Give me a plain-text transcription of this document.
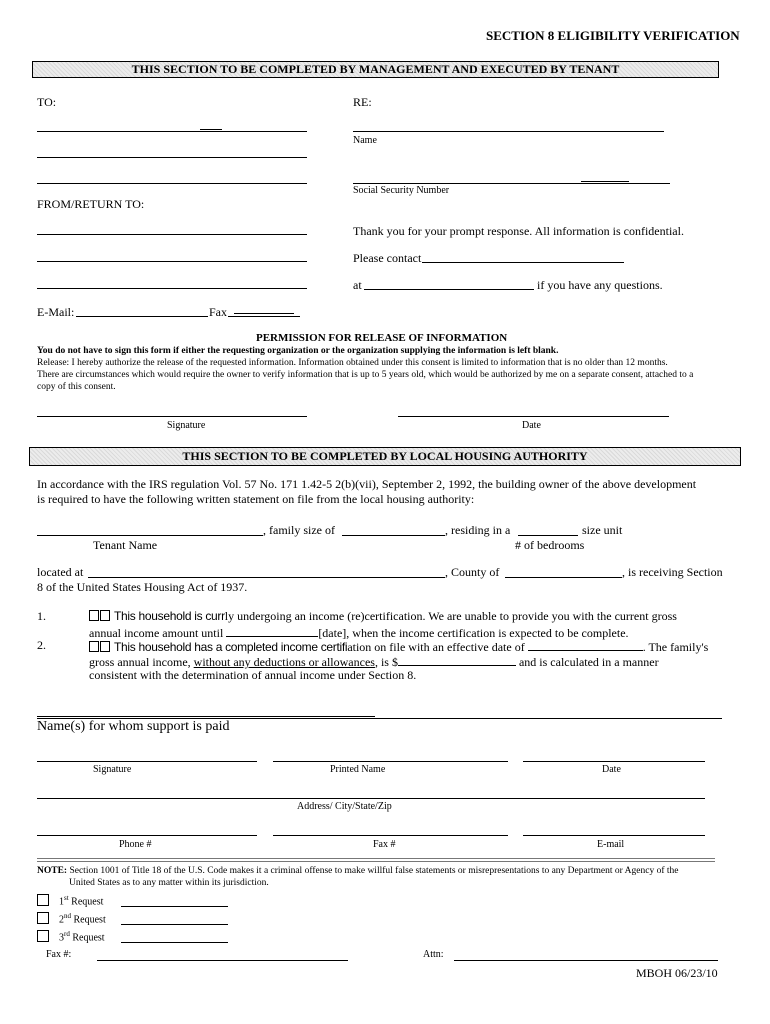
SECTION 8 ELIGIBILITY VERIFICATION
THIS SECTION TO BE COMPLETED BY MANAGEMENT AND EXECUTED BY TENANT
TO:	RE:
Name
Social Security Number
FROM/RETURN TO:
Thank you for your prompt response. All information is confidential.
Please contact
at	if you have any questions.
E-Mail:	Fax
PERMISSION FOR RELEASE OF INFORMATION
You do not have to sign this form if either the requesting organization or the organization supplying the information is left blank.
Release: I hereby authorize the release of the requested information. Information obtained under this consent is limited to information that is no older than 12 months.
There are circumstances which would require the owner to verify information that is up to 5 years old, which would be authorized by me on a separate consent, attached to a
copy of this consent.
Signature	Date
THIS SECTION TO BE COMPLETED BY LOCAL HOUSING AUTHORITY
In accordance with the IRS regulation Vol. 57 No. 171 1.42-5 2(b)(vii), September 2, 1992, the building owner of the above development
is required to have the following written statement on file from the local housing authority:
, family size of	, residing in a	size unit
Tenant Name	# of bedrooms
located at	, County of	, is receiving Section
8 of the United States Housing Act of 1937.
1.	This household is currly undergoing an income (re)certification. We are unable to provide you with the current gross
annual income amount until	[date], when the income certification is expected to be complete.
2.	This household has a completed income certifiation on file with an effective date of	. The family's
gross annual income, without any deductions or allowances, is $	and is calculated in a manner
consistent with the determination of annual income under Section 8.
Name(s) for whom support is paid
Signature	Printed Name	Date
Address/ City/State/Zip
Phone #	Fax #	E-mail
NOTE: Section 1001 of Title 18 of the U.S. Code makes it a criminal offense to make willful false statements or misrepresentations to any Department or Agency of the
United States as to any matter within its jurisdiction.
1st Request
2nd Request
3rd Request
Fax #:	Attn:
MBOH 06/23/10
